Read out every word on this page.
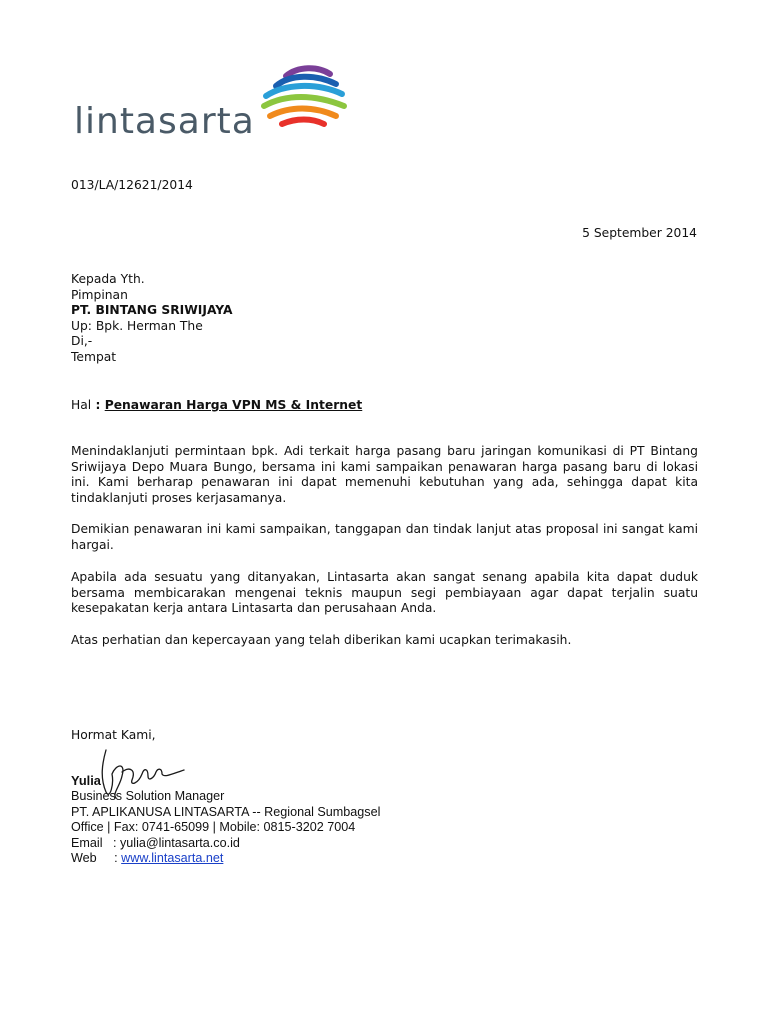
lintasarta
013/LA/12621/2014
5 September 2014
Kepada Yth.
Pimpinan
PT. BINTANG SRIWIJAYA
Up: Bpk. Herman The
Di,-
Tempat
Hal : Penawaran Harga VPN MS & Internet

Menindaklanjuti permintaan bpk. Adi terkait harga pasang baru jaringan komunikasi di PT Bintang Sriwijaya Depo Muara Bungo, bersama ini kami sampaikan penawaran harga pasang baru di lokasi ini. Kami berharap penawaran ini dapat memenuhi kebutuhan yang ada, sehingga dapat kita tindaklanjuti proses kerjasamanya.

Demikian penawaran ini kami sampaikan, tanggapan dan tindak lanjut atas proposal ini sangat kami hargai.

Apabila ada sesuatu yang ditanyakan, Lintasarta akan sangat senang apabila kita dapat duduk bersama membicarakan mengenai teknis maupun segi pembiayaan agar dapat terjalin suatu kesepakatan kerja antara Lintasarta dan perusahaan Anda.

Atas perhatian dan kepercayaan yang telah diberikan kami ucapkan terimakasih.

Hormat Kami,
Yulia
Business Solution Manager
PT. APLIKANUSA LINTASARTA -- Regional Sumbagsel
Office | Fax: 0741-65099 | Mobile: 0815-3202 7004
Email   : yulia@lintasarta.co.id
Web     : www.lintasarta.net
